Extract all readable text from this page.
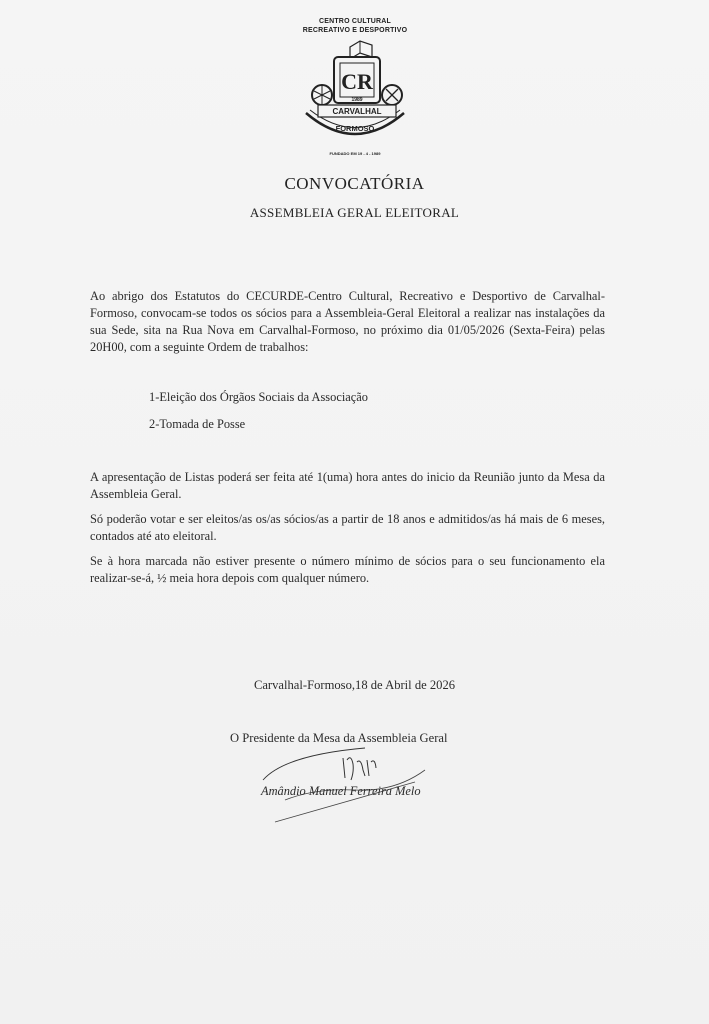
CENTRO CULTURAL
RECREATIVO E DESPORTIVO
CR
1989
CARVALHAL
FORMOSO
FUNDADO EM 19 - 4 - 1989
CONVOCATÓRIA
ASSEMBLEIA GERAL ELEITORAL
Ao abrigo dos Estatutos do CECURDE-Centro Cultural, Recreativo e Desportivo de Carvalhal-Formoso, convocam-se todos os sócios para a Assembleia-Geral Eleitoral a realizar nas instalações da sua Sede, sita na Rua Nova em Carvalhal-Formoso, no próximo dia 01/05/2026 (Sexta-Feira) pelas 20H00, com a seguinte Ordem de trabalhos:
1-Eleição dos Órgãos Sociais da Associação
2-Tomada de Posse
A apresentação de Listas poderá ser feita até 1(uma) hora antes do inicio da Reunião junto da Mesa da Assembleia Geral.
Só poderão votar e ser eleitos/as os/as sócios/as a partir de 18 anos e admitidos/as há mais de 6 meses, contados até ato eleitoral.
Se à hora marcada não estiver presente o número mínimo de sócios para o seu funcionamento ela realizar-se-á, ½ meia hora depois com qualquer número.
Carvalhal-Formoso,18 de Abril de 2026
O Presidente da Mesa da Assembleia Geral
Amândio Manuel Ferreira Melo
